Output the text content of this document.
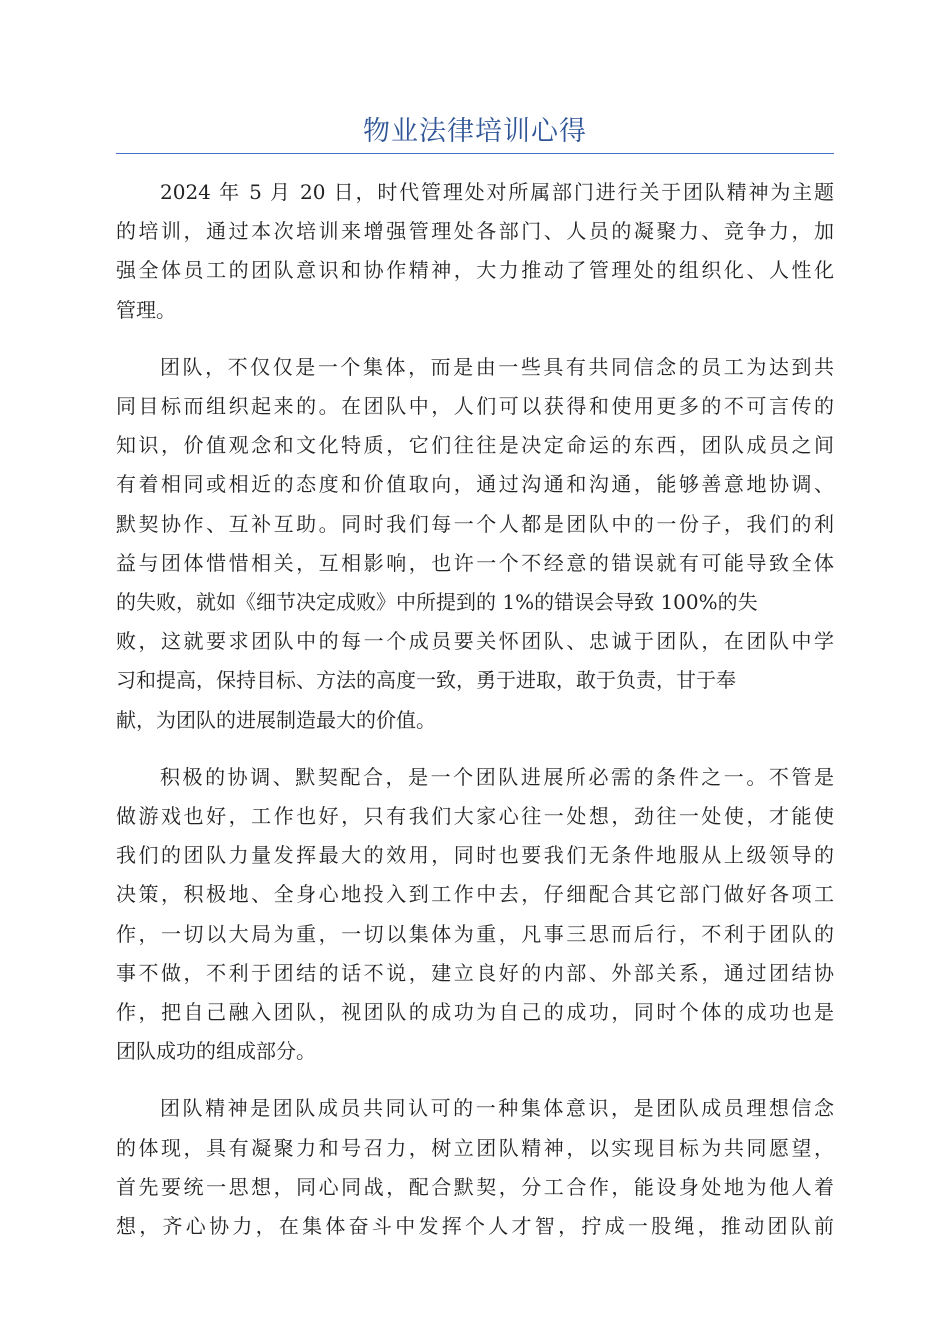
物业法律培训心得

2024 年 5 月 20 日，时代管理处对所属部门进行关于团队精神为主题
的培训，通过本次培训来增强管理处各部门、人员的凝聚力、竞争力，加
强全体员工的团队意识和协作精神，大力推动了管理处的组织化、人性化
管理。

团队，不仅仅是一个集体，而是由一些具有共同信念的员工为达到共
同目标而组织起来的。在团队中，人们可以获得和使用更多的不可言传的
知识，价值观念和文化特质，它们往往是决定命运的东西，团队成员之间
有着相同或相近的态度和价值取向，通过沟通和沟通，能够善意地协调、
默契协作、互补互助。同时我们每一个人都是团队中的一份子，我们的利
益与团体惜惜相关，互相影响，也许一个不经意的错误就有可能导致全体
的失败，就如《细节决定成败》中所提到的 1%的错误会导致 100%的失
败，这就要求团队中的每一个成员要关怀团队、忠诚于团队，在团队中学
习和提高，保持目标、方法的高度一致，勇于进取，敢于负责，甘于奉
献，为团队的进展制造最大的价值。

积极的协调、默契配合，是一个团队进展所必需的条件之一。不管是
做游戏也好，工作也好，只有我们大家心往一处想，劲往一处使，才能使
我们的团队力量发挥最大的效用，同时也要我们无条件地服从上级领导的
决策，积极地、全身心地投入到工作中去，仔细配合其它部门做好各项工
作，一切以大局为重，一切以集体为重，凡事三思而后行，不利于团队的
事不做，不利于团结的话不说，建立良好的内部、外部关系，通过团结协
作，把自己融入团队，视团队的成功为自己的成功，同时个体的成功也是
团队成功的组成部分。

团队精神是团队成员共同认可的一种集体意识，是团队成员理想信念
的体现，具有凝聚力和号召力，树立团队精神，以实现目标为共同愿望，
首先要统一思想，同心同战，配合默契，分工合作，能设身处地为他人着
想，齐心协力，在集体奋斗中发挥个人才智，拧成一股绳，推动团队前
